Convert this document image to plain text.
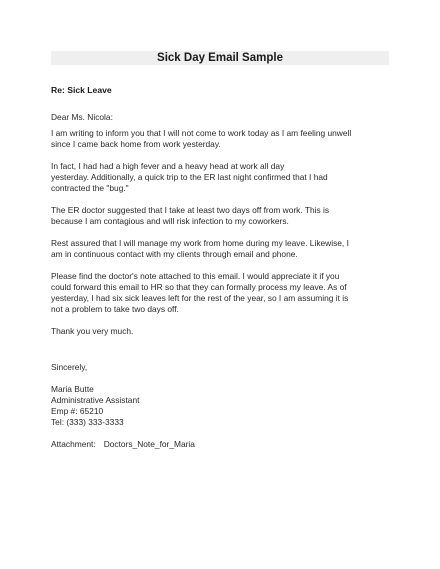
Sick Day Email Sample
Re: Sick Leave
Dear Ms. Nicola:
I am writing to inform you that I will not come to work today as I am feeling unwell
since I came back home from work yesterday.
In fact, I had had a high fever and a heavy head at work all day
yesterday. Additionally, a quick trip to the ER last night confirmed that I had
contracted the "bug."
The ER doctor suggested that I take at least two days off from work. This is
because I am contagious and will risk infection to my coworkers.
Rest assured that I will manage my work from home during my leave. Likewise, I
am in continuous contact with my clients through email and phone.
Please find the doctor's note attached to this email. I would appreciate it if you
could forward this email to HR so that they can formally process my leave. As of
yesterday, I had six sick leaves left for the rest of the year, so I am assuming it is
not a problem to take two days off.
Thank you very much.
Sincerely,
Maria Butte
Administrative Assistant
Emp #: 65210
Tel: (333) 333-3333
Attachment: Doctors_Note_for_Maria
